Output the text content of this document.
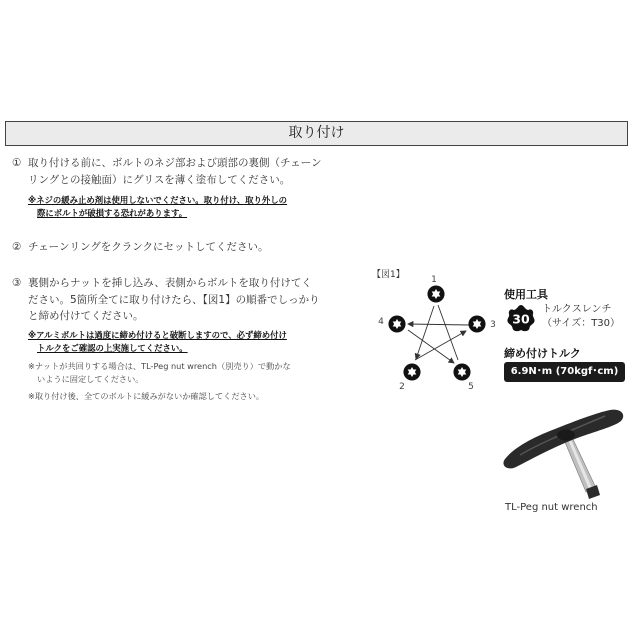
取り付け
① 取り付ける前に、ボルトのネジ部および頭部の裏側（チェーン
リングとの接触面）にグリスを薄く塗布してください。
※ネジの緩み止め剤は使用しないでください。取り付け、取り外しの
際にボルトが破損する恐れがあります。
② チェーンリングをクランクにセットしてください。
③ 裏側からナットを挿し込み、表側からボルトを取り付けてく
ださい。5箇所全てに取り付けたら、【図1】の順番でしっかり
と締め付けてください。
※アルミボルトは過度に締め付けると破断しますので、必ず締め付け
トルクをご確認の上実施してください。
※ナットが共回りする場合は、TL-Peg nut wrench（別売り）で動かな
いように固定してください。
※取り付け後、全てのボルトに緩みがないか確認してください。
【図1】	1
2
3
4
5
使用工具
30
トルクスレンチ
（サイズ：T30）
締め付けトルク
6.9N･m (70kgf･cm)
TL-Peg nut wrench
